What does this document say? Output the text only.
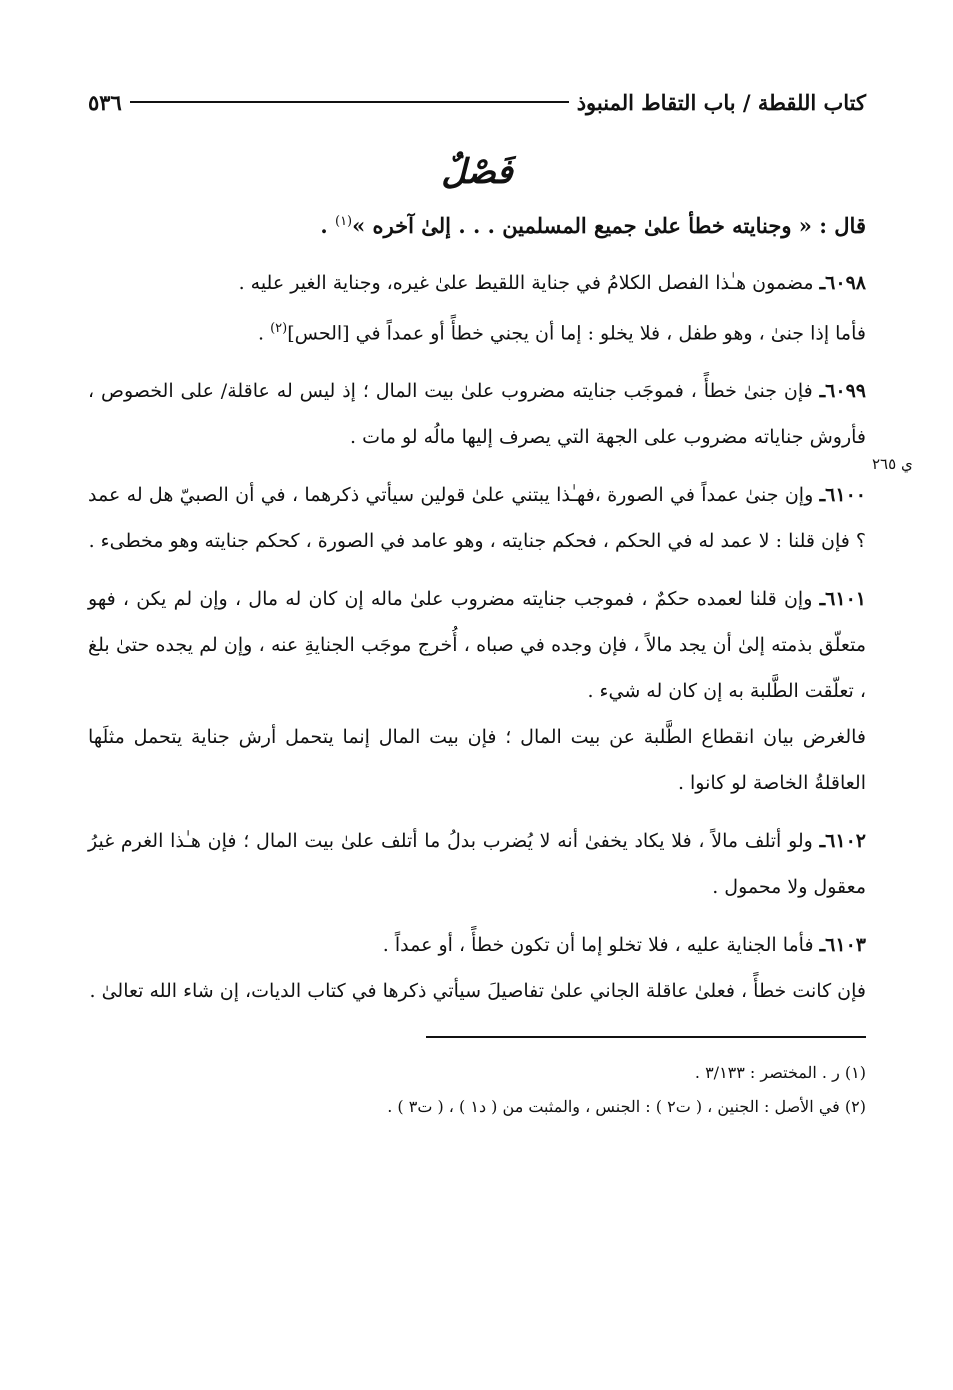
كتاب اللقطة / باب التقاط المنبوذ
٥٣٦
فَصْلٌ
قال : « وجنايته خطأ علىٰ جميع المسلمين . . . إلىٰ آخره »$^{(١)}$ .

٦٠٩٨ـ مضمون هـٰذا الفصل الكلامُ في جناية اللقيط علىٰ غيره، وجناية الغير عليه .

فأما إذا جنىٰ ، وهو طفل ، فلا يخلو : إما أن يجني خطأً أو عمداً في [الحس]$^{(٢)}$ .

٦٠٩٩ـ فإن جنىٰ خطأً ، فموجَب جنايته مضروب علىٰ بيت المال ؛ إذ ليس له عاقلة/ على الخصوص ، فأروش جناياته مضروب على الجهة التي يصرف إليها مالُه لو مات .

٦١٠٠ـ وإن جنىٰ عمداً في الصورة ،فهـٰذا يبتني علىٰ قولين سيأتي ذكرهما ، في أن الصبيّ هل له عمد ؟ فإن قلنا : لا عمد له في الحكم ، فحكم جنايته ، وهو عامد في الصورة ، كحكم جنايته وهو مخطىء .

٦١٠١ـ وإن قلنا لعمده حكمٌ ، فموجب جنايته مضروب علىٰ ماله إن كان له مال ، وإن لم يكن ، فهو متعلّق بذمته إلىٰ أن يجد مالاً ، فإن وجده في صباه ، أُخرج موجَب الجنايةِ عنه ، وإن لم يجده حتىٰ بلغ ، تعلّقت الطَّلبة به إن كان له شيء .

فالغرض بيان انقطاع الطَّلبة عن بيت المال ؛ فإن بيت المال إنما يتحمل أرش جناية يتحمل مثلَها العاقلةُ الخاصة لو كانوا .

٦١٠٢ـ ولو أتلف مالاً ، فلا يكاد يخفىٰ أنه لا يُضرب بدلُ ما أتلف علىٰ بيت المال ؛ فإن هـٰذا الغرم غيرُ معقول ولا محمول .

٦١٠٣ـ فأما الجناية عليه ، فلا تخلو إما أن تكون خطأً ، أو عمداً .

فإن كانت خطأً ، فعلىٰ عاقلة الجاني علىٰ تفاصيلَ سيأتي ذكرها في كتاب الديات، إن شاء الله تعالىٰ .

(١) ر . المختصر : ٣/١٣٣ .
(٢) في الأصل : الجنين ، ( ت٢ ) : الجنس ، والمثبت من ( د١ ) ، ( ت٣ ) .
ي ٢٦٥
